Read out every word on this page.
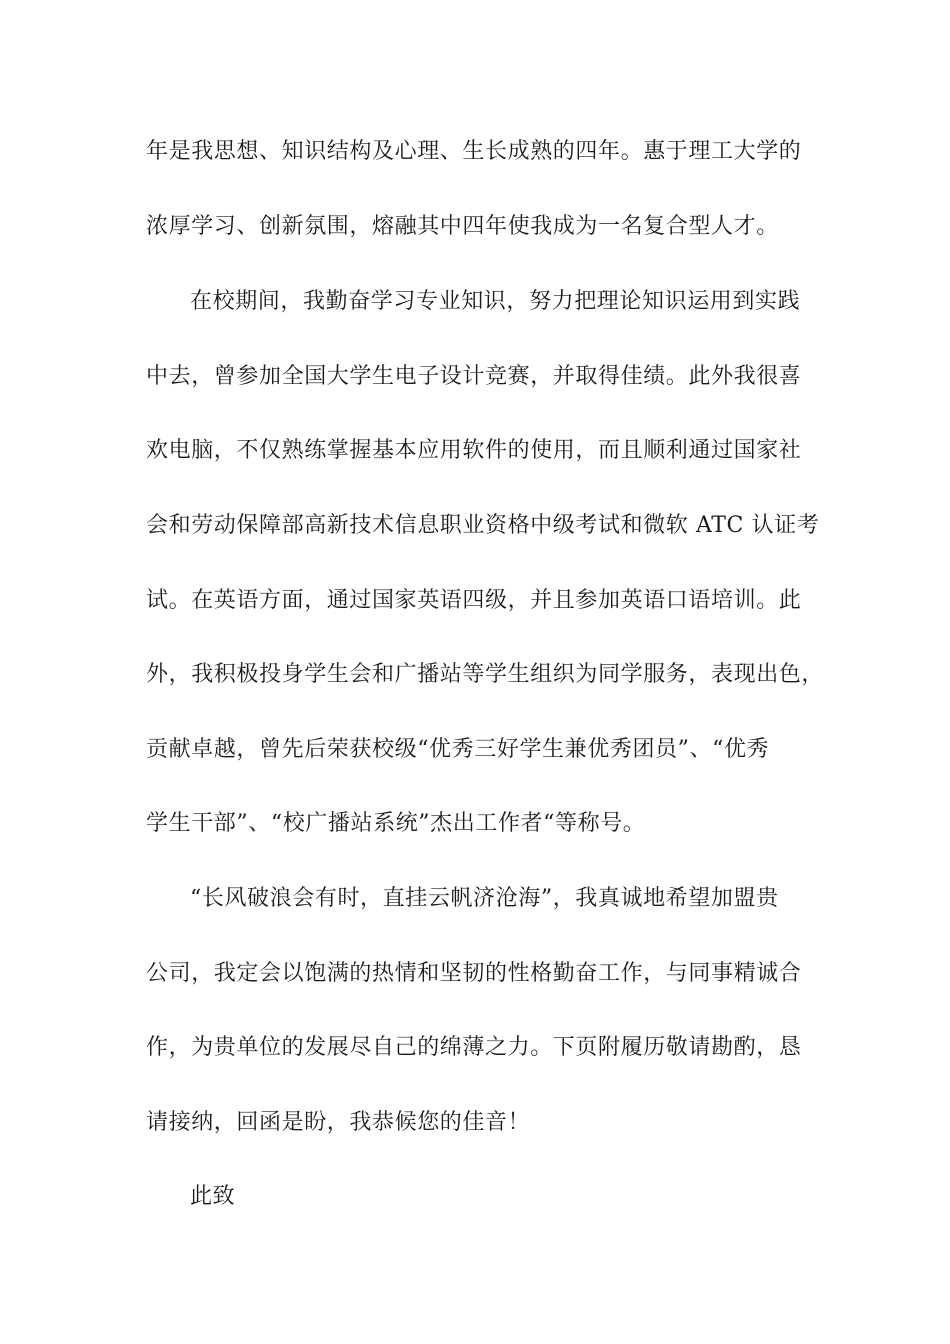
年是我思想、知识结构及心理、生长成熟的四年。惠于理工大学的
浓厚学习、创新氛围，熔融其中四年使我成为一名复合型人才。
在校期间，我勤奋学习专业知识，努力把理论知识运用到实践
中去，曾参加全国大学生电子设计竞赛，并取得佳绩。此外我很喜
欢电脑，不仅熟练掌握基本应用软件的使用，而且顺利通过国家社
会和劳动保障部高新技术信息职业资格中级考试和微软 ATC 认证考
试。在英语方面，通过国家英语四级，并且参加英语口语培训。此
外，我积极投身学生会和广播站等学生组织为同学服务，表现出色，
贡献卓越，曾先后荣获校级“优秀三好学生兼优秀团员”、“优秀
学生干部”、“校广播站系统”杰出工作者“等称号。
“长风破浪会有时，直挂云帆济沧海”，我真诚地希望加盟贵
公司，我定会以饱满的热情和坚韧的性格勤奋工作，与同事精诚合
作，为贵单位的发展尽自己的绵薄之力。下页附履历敬请勘酌，恳
请接纳，回函是盼，我恭候您的佳音！
此致
